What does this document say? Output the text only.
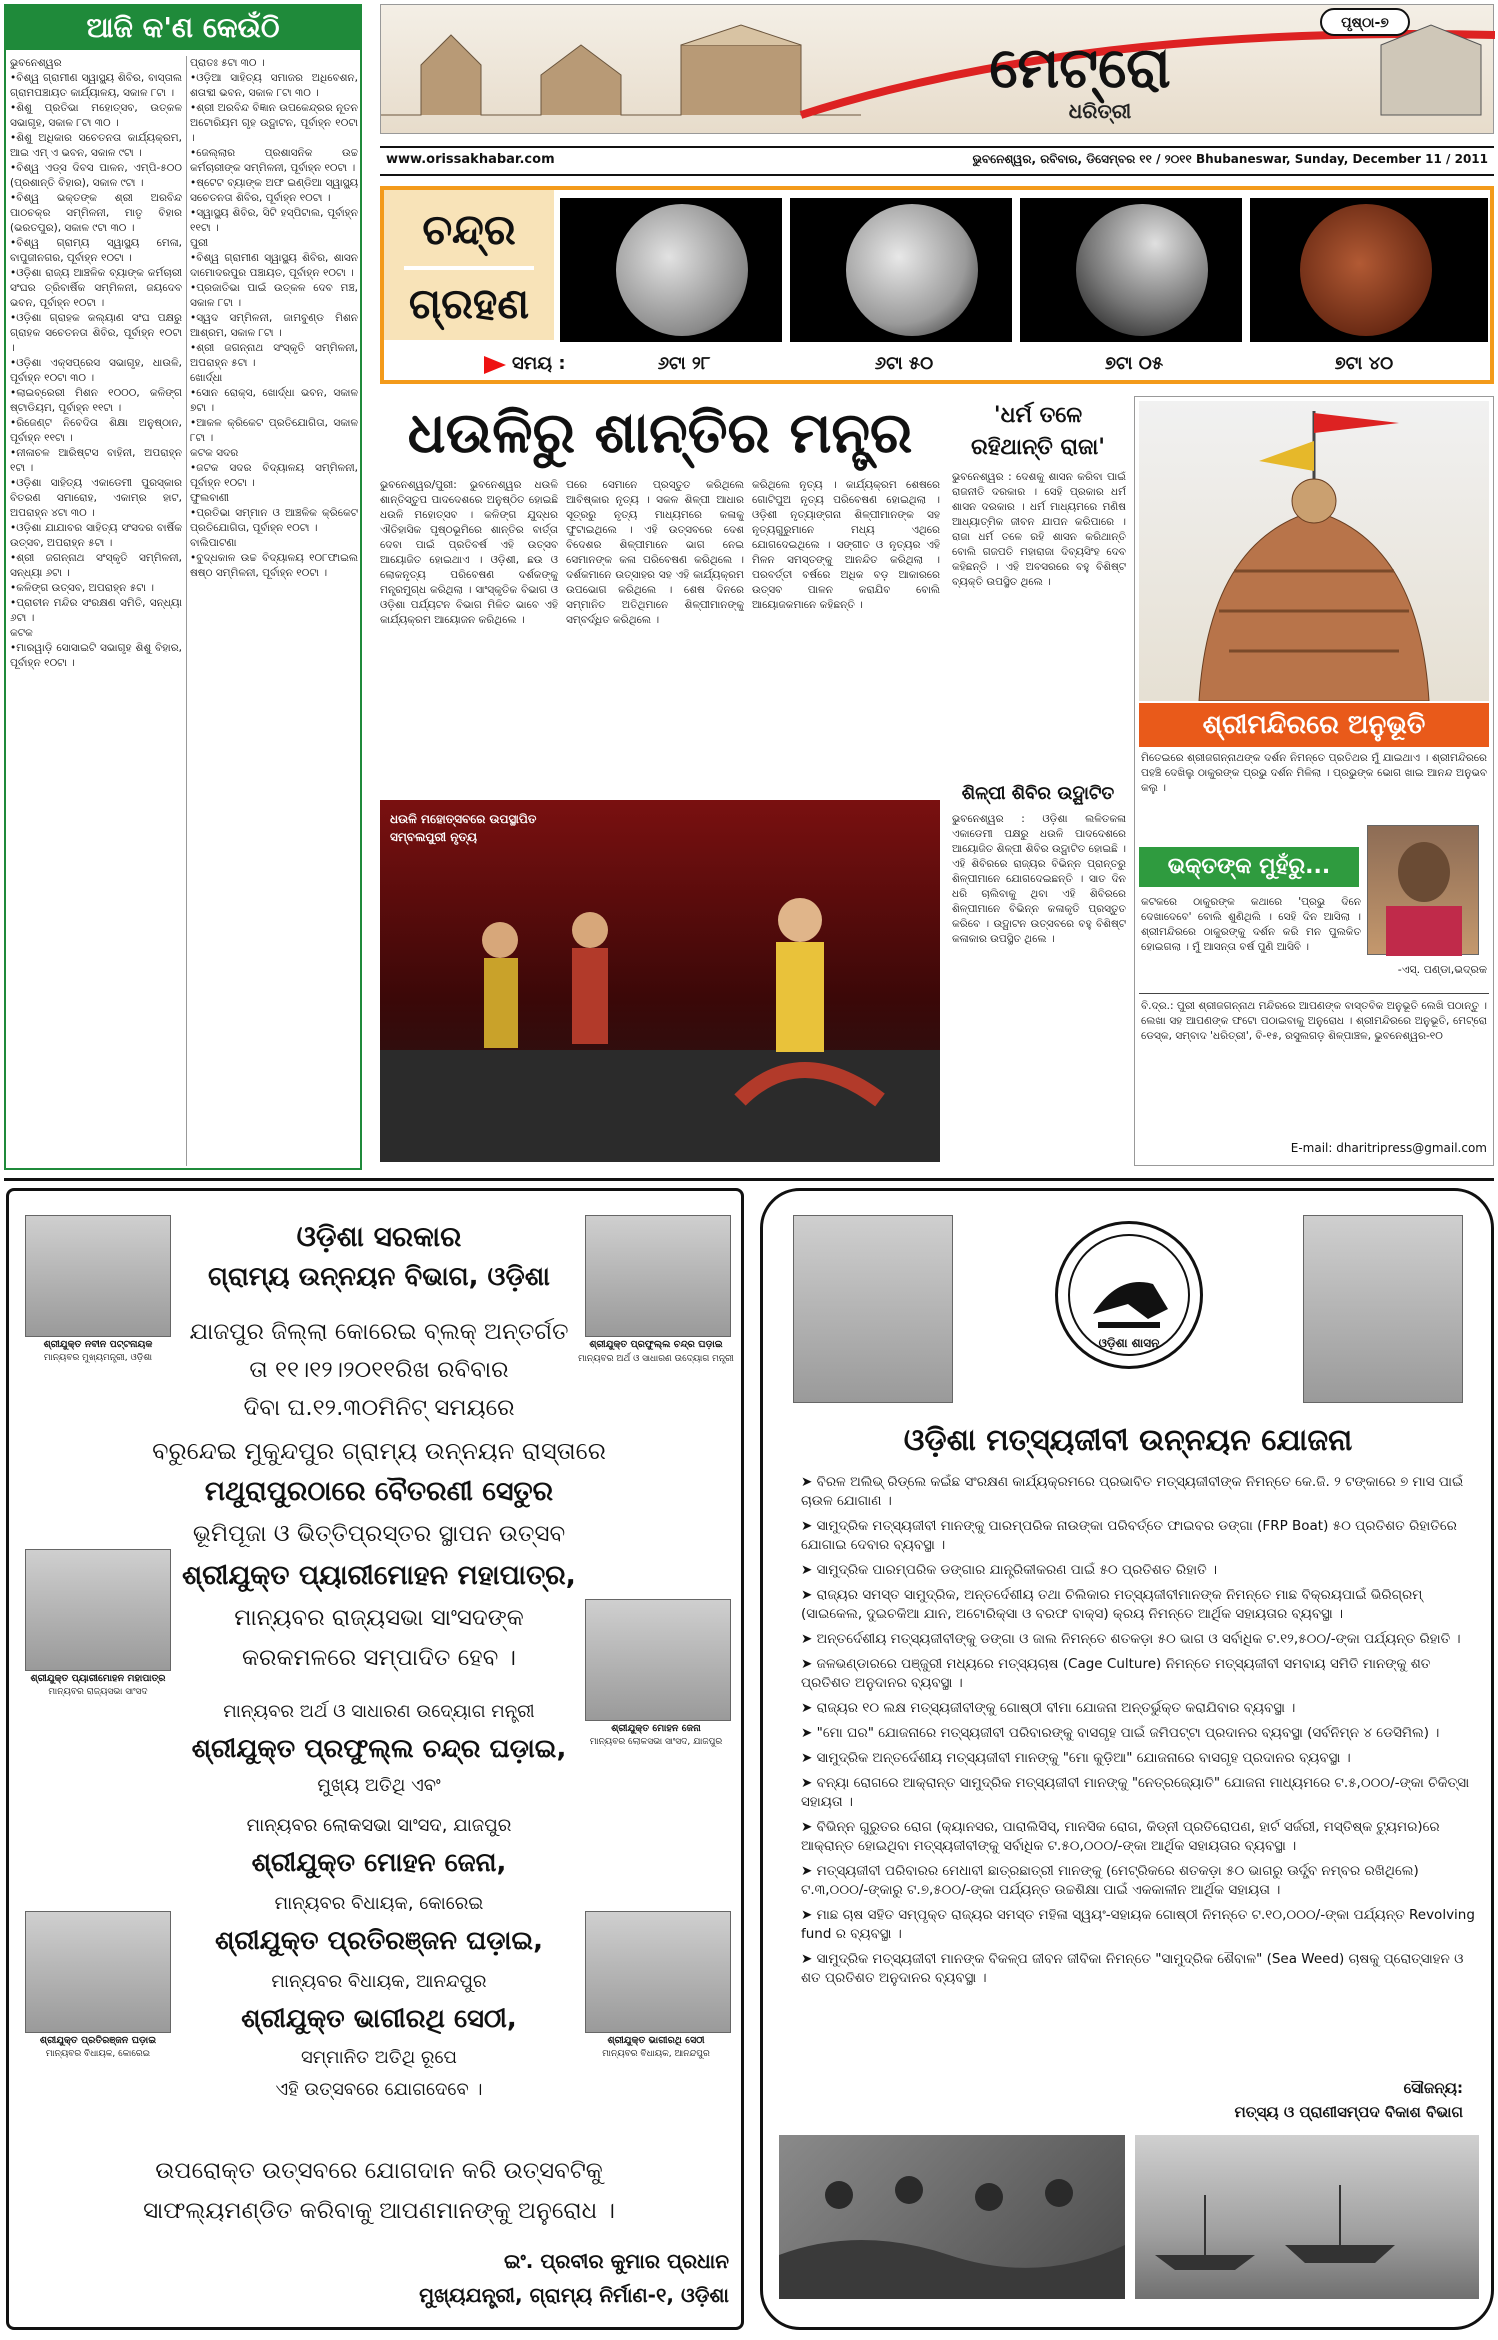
ଆଜି କ'ଣ କେଉଁଠି
ଭୁବନେଶ୍ୱର
•ବିଶ୍ୱ ଗ୍ରାମୀଣ ସ୍ୱାସ୍ଥ୍ୟ ଶିବିର, ବାସ୍ତାଲ ଗ୍ରାମପଞ୍ଚାୟତ କାର୍ଯ୍ୟାଳୟ, ସକାଳ ୮ଟା ।
•ଶିଶୁ ପ୍ରତିଭା ମହୋତ୍ସବ, ଉତ୍କଳ ସଭାଗୃହ, ସକାଳ ୮ଟା ୩୦ ।
•ଶିଶୁ ଅଧିକାର ସଚେତନତା କାର୍ଯ୍ୟକ୍ରମ, ଆଇ ଏମ୍ ଏ ଭବନ, ସକାଳ ୯ଟା ।
•ବିଶ୍ୱ ଏଡ୍ସ ଦିବସ ପାଳନ, ଏମ୍ପି-୫୦୦ (ପ୍ରଶାନ୍ତି ବିହାର), ସକାଳ ୯ଟା ।
•ବିଶ୍ୱ ଭକ୍ତଙ୍କ ଶ୍ରୀ ଅରବିନ୍ଦ ପାଠଚକ୍ର ସମ୍ମିଳନୀ, ମାତୃ ବିହାର (ଭରତପୁର), ସକାଳ ୯ଟା ୩୦ ।
•ବିଶ୍ୱ ଗ୍ରାମ୍ୟ ସ୍ୱାସ୍ଥ୍ୟ ମେଳା, ବାପୁଜୀନଗର, ପୂର୍ବାହ୍ନ ୧୦ଟା ।
•ଓଡ଼ିଶା ରାଜ୍ୟ ଆଞ୍ଚଳିକ ବ୍ୟାଙ୍କ କର୍ମଚାରୀ ସଂଘର ତ୍ରିବାର୍ଷିକ ସମ୍ମିଳନୀ, ଜୟଦେବ ଭବନ, ପୂର୍ବାହ୍ନ ୧୦ଟା ।
•ଓଡ଼ିଶା ଗ୍ରାହକ କଲ୍ୟାଣ ସଂଘ ପକ୍ଷରୁ ଗ୍ରାହକ ସଚେତନତା ଶିବିର, ପୂର୍ବାହ୍ନ ୧୦ଟା ।
•ଓଡ଼ିଶା ଏକ୍ସପ୍ରେସ ସଭାଗୃହ, ଧାଉଳି, ପୂର୍ବାହ୍ନ ୧୦ଟା ୩୦ ।
•ଲାଇବ୍ରେରୀ ମିଶନ ୧୦୦୦, କଳିଙ୍ଗ ଷ୍ଟାଡିୟମ, ପୂର୍ବାହ୍ନ ୧୧ଟା ।
•ରିଜେଣ୍ଟ ନିବେଦିତା ଶିକ୍ଷା ଅନୁଷ୍ଠାନ, ପୂର୍ବାହ୍ନ ୧୧ଟା ।
•ନୀଳାଚଳ ଆରିଷ୍ଟସ ବାହିନୀ, ଅପରାହ୍ନ ୧ଟା ।
•ଓଡ଼ିଶା ସାହିତ୍ୟ ଏକାଡେମୀ ପୁରସ୍କାର ବିତରଣ ସମାରୋହ, ଏକାମ୍ର ହାଟ, ଅପରାହ୍ନ ୪ଟା ୩୦ ।
•ଓଡ଼ିଶା ଯାଯାବର ସାହିତ୍ୟ ସଂସଦର ବାର୍ଷିକ ଉତ୍ସବ, ଅପରାହ୍ନ ୫ଟା ।
•ଶ୍ରୀ ଜଗନ୍ନାଥ ସଂସ୍କୃତି ସମ୍ମିଳନୀ, ସନ୍ଧ୍ୟା ୬ଟା ।
•କଳିଙ୍ଗ ଉତ୍ସବ, ଅପରାହ୍ନ ୫ଟା ।
•ପ୍ରାଚୀନ ମନ୍ଦିର ସଂରକ୍ଷଣ ସମିତି, ସନ୍ଧ୍ୟା ୬ଟା ।
କଟକ
•ମାରୱାଡ଼ି ସୋସାଇଟି ସଭାଗୃହ ଶିଶୁ ବିହାର, ପୂର୍ବାହ୍ନ ୧୦ଟା ।
ପ୍ରାତଃ ୫ଟା ୩୦ ।
•ଓଡ଼ିଆ ସାହିତ୍ୟ ସମାଜର ଅଧିବେଶନ, ଶତାବ୍ଦୀ ଭବନ, ସକାଳ ୮ଟା ୩୦ ।
•ଶ୍ରୀ ଅରବିନ୍ଦ ବିଜ୍ଞାନ ଉପକେନ୍ଦ୍ରର ନୂତନ ଅଟୋରିୟମ ଗୃହ ଉଦ୍ଘାଟନ, ପୂର୍ବାହ୍ନ ୧୦ଟା ।
•ଜେଲ୍ଲାର ପ୍ରଶାସନିକ ଉଚ୍ଚ କର୍ମଚାରୀଙ୍କ ସମ୍ମିଳନୀ, ପୂର୍ବାହ୍ନ ୧୦ଟା ।
•ଷ୍ଟେଟ ବ୍ୟାଙ୍କ ଅଫ ଇଣ୍ଡିଆ ସ୍ୱାସ୍ଥ୍ୟ ସଚେତନତା ଶିବିର, ପୂର୍ବାହ୍ନ ୧୦ଟା ।
•ସ୍ୱାସ୍ଥ୍ୟ ଶିବିର, ସିଟି ହସ୍ପିଟାଲ, ପୂର୍ବାହ୍ନ ୧୧ଟା ।
ପୁରୀ
•ବିଶ୍ୱ ଗ୍ରାମୀଣ ସ୍ୱାସ୍ଥ୍ୟ ଶିବିର, ଶାସନ ଦାମୋଦରପୁର ପଞ୍ଚାୟତ, ପୂର୍ବାହ୍ନ ୧୦ଟା ।
•ପ୍ରଜାତିଭା ପାଇଁ ଉତ୍କଳ ଦେବ ମଞ୍ଚ, ସକାଳ ୮ଟା ।
•ସ୍ୱଦ ସମ୍ମିଳନୀ, ଜାମବୁଣ୍ଡ ମିଶନ ଆଶ୍ରମ, ସକାଳ ୮ଟା ।
•ଶ୍ରୀ ଜଗନ୍ନାଥ ସଂସ୍କୃତି ସମ୍ମିଳନୀ, ଅପରାହ୍ନ ୫ଟା ।
ଖୋର୍ଦ୍ଧା
•ସୋନ ରୋକ୍ସ, ଖୋର୍ଦ୍ଧା ଭବନ, ସକାଳ ୭ଟା ।
•ଆକଳ କ୍ରିକେଟ ପ୍ରତିଯୋଗିତା, ସକାଳ ୮ଟା ।
କଟକ ସଦର
•ଜଟକ ସଦର ବିଦ୍ୟାଳୟ ସମ୍ମିଳନୀ, ପୂର୍ବାହ୍ନ ୧୦ଟା ।
ଫୁଲବାଣୀ
•ପ୍ରତିଭା ସମ୍ମାନ ଓ ଆଞ୍ଚଳିକ କ୍ରିକେଟ ପ୍ରତିଯୋଗିତା, ପୂର୍ବାହ୍ନ ୧୦ଟା ।
ବାଲିପାଟଣା
•ବୁଦ୍ଧକାଳ ଉଚ୍ଚ ବିଦ୍ୟାଳୟ ୧୦୮ଫାଇଲ ଷଷ୍ଠ ସମ୍ମିଳନୀ, ପୂର୍ବାହ୍ନ ୧୦ଟା ।
ପୃଷ୍ଠା-୭
ମେଟ୍ରୋ
ଧରିତ୍ରୀ
www.orissakhabar.com	ଭୁବନେଶ୍ୱର, ରବିବାର, ଡିସେମ୍ବର ୧୧ / ୨୦୧୧ Bhubaneswar, Sunday, December 11 / 2011
ଚନ୍ଦ୍ର
ଗ୍ରହଣ
ସମୟ :	୬ଟା ୨୮	୬ଟା ୫୦	୭ଟା ୦୫	୭ଟା ୪୦
ଧଉଳିରୁ ଶାନ୍ତିର ମନ୍ତ୍ର
ଭୁବନେଶ୍ୱର/ପୁରୀ: ଭୁବନେଶ୍ୱର ଧଉଳି ଶାନ୍ତିସ୍ତୁପ ପାଦଦେଶରେ ଅନୁଷ୍ଠିତ ହୋଇଛି ଧଉଳି ମହୋତ୍ସବ । କଳିଙ୍ଗ ଯୁଦ୍ଧର ଐତିହାସିକ ପୃଷ୍ଠଭୂମିରେ ଶାନ୍ତିର ବାର୍ତ୍ତା ଦେବା ପାଇଁ ପ୍ରତିବର୍ଷ ଏହି ଉତ୍ସବ ଆୟୋଜିତ ହୋଇଥାଏ । ଓଡ଼ିଶୀ, ଛଉ ଓ ଲୋକନୃତ୍ୟ ପରିବେଷଣ ଦର୍ଶକଙ୍କୁ ମନ୍ତ୍ରମୁଗ୍ଧ କରିଥିଲା । ସାଂସ୍କୃତିକ ବିଭାଗ ଓ ଓଡ଼ିଶା ପର୍ଯ୍ୟଟନ ବିଭାଗ ମିଳିତ ଭାବେ ଏହି କାର୍ଯ୍ୟକ୍ରମ ଆୟୋଜନ କରିଥିଲେ ।
ପରେ ସେମାନେ ପ୍ରସ୍ତୁତ କରିଥିଲେ ଆବିଷ୍କାର ନୃତ୍ୟ । ସକଳ ଶିଳ୍ପୀ ଆଧାର ସୂତ୍ରରୁ ନୃତ୍ୟ ମାଧ୍ୟମରେ କଳାକୁ ଫୁଟାଇଥିଲେ । ଏହି ଉତ୍ସବରେ ଦେଶ ବିଦେଶର ଶିଳ୍ପୀମାନେ ଭାଗ ନେଇ ସେମାନଙ୍କ କଳା ପରିବେଷଣ କରିଥିଲେ । ଦର୍ଶକମାନେ ଉତ୍ସାହର ସହ ଏହି କାର୍ଯ୍ୟକ୍ରମ ଉପଭୋଗ କରିଥିଲେ । ଶେଷ ଦିନରେ ସମ୍ମାନିତ ଅତିଥିମାନେ ଶିଳ୍ପୀମାନଙ୍କୁ ସମ୍ବର୍ଦ୍ଧିତ କରିଥିଲେ ।
କରିଥିଲେ ନୃତ୍ୟ । କାର୍ଯ୍ୟକ୍ରମ ଶେଷରେ ଗୋଟିପୁଅ ନୃତ୍ୟ ପରିବେଷଣ ହୋଇଥିଲା । ଓଡ଼ିଶୀ ନୃତ୍ୟାଙ୍ଗନା ଶିଳ୍ପୀମାନଙ୍କ ସହ ନୃତ୍ୟଗୁରୁମାନେ ମଧ୍ୟ ଏଥିରେ ଯୋଗଦେଇଥିଲେ । ସଙ୍ଗୀତ ଓ ନୃତ୍ୟର ଏହି ମିଳନ ସମସ୍ତଙ୍କୁ ଆନନ୍ଦିତ କରିଥିଲା । ପରବର୍ତ୍ତୀ ବର୍ଷରେ ଅଧିକ ବଡ଼ ଆକାରରେ ଉତ୍ସବ ପାଳନ କରାଯିବ ବୋଲି ଆୟୋଜକମାନେ କହିଛନ୍ତି ।
ଧଉଳି ମହୋତ୍ସବରେ ଉପସ୍ଥାପିତ ସମ୍ବଲପୁରୀ ନୃତ୍ୟ
'ଧର୍ମ ତଳେ
ରହିଥାନ୍ତି ରାଜା'
ଭୁବନେଶ୍ୱର : ଦେଶକୁ ଶାସନ କରିବା ପାଇଁ ରାଜନୀତି ଦରକାର । ସେହି ପ୍ରକାର ଧର୍ମ ଶାସନ ଦରକାର । ଧର୍ମ ମାଧ୍ୟମରେ ମଣିଷ ଆଧ୍ୟାତ୍ମିକ ଜୀବନ ଯାପନ କରିପାରେ । ରାଜା ଧର୍ମ ତଳେ ରହି ଶାସନ କରିଥାନ୍ତି ବୋଲି ଗଜପତି ମହାରାଜା ଦିବ୍ୟସିଂହ ଦେବ କହିଛନ୍ତି । ଏହି ଅବସରରେ ବହୁ ବିଶିଷ୍ଟ ବ୍ୟକ୍ତି ଉପସ୍ଥିତ ଥିଲେ ।
ଶିଳ୍ପୀ ଶିବିର ଉଦ୍ଘାଟିତ
ଭୁବନେଶ୍ୱର : ଓଡ଼ିଶା ଲଳିତକଳା ଏକାଡେମୀ ପକ୍ଷରୁ ଧଉଳି ପାଦଦେଶରେ ଆୟୋଜିତ ଶିଳ୍ପୀ ଶିବିର ଉଦ୍ଘାଟିତ ହୋଇଛି । ଏହି ଶିବିରରେ ରାଜ୍ୟର ବିଭିନ୍ନ ପ୍ରାନ୍ତରୁ ଶିଳ୍ପୀମାନେ ଯୋଗଦେଇଛନ୍ତି । ସାତ ଦିନ ଧରି ଚାଲିବାକୁ ଥିବା ଏହି ଶିବିରରେ ଶିଳ୍ପୀମାନେ ବିଭିନ୍ନ କଳାକୃତି ପ୍ରସ୍ତୁତ କରିବେ । ଉଦ୍ଘାଟନ ଉତ୍ସବରେ ବହୁ ବିଶିଷ୍ଟ କଳାକାର ଉପସ୍ଥିତ ଥିଲେ ।
ଶ୍ରୀମନ୍ଦିରରେ ଅନୁଭୂତି
ମିତେଇରେ ଶ୍ରୀଜଗନ୍ନାଥଙ୍କ ଦର୍ଶନ ନିମନ୍ତେ ପ୍ରତିଥର ମୁଁ ଯାଇଥାଏ । ଶ୍ରୀମନ୍ଦିରରେ ପହଞ୍ଚି ଦେଖିଲୁ ଠାକୁରଙ୍କ ପ୍ରଭୁ ଦର୍ଶନ ମିଳିଲା । ପ୍ରଭୁଙ୍କ ଭୋଗ ଖାଇ ଆନନ୍ଦ ଅନୁଭବ କଲୁ ।
ଭକ୍ତଙ୍କ ମୁହଁରୁ...
କଟକରେ ଠାକୁରଙ୍କ କଥାରେ 'ପ୍ରଭୁ ଦିନେ ଦେଖାଦେବେ' ବୋଲି ଶୁଣିଥିଲି । ସେହି ଦିନ ଆସିଲା । ଶ୍ରୀମନ୍ଦିରରେ ଠାକୁରଙ୍କୁ ଦର୍ଶନ କରି ମନ ପୁଲକିତ ହୋଇଗଲା । ମୁଁ ଆସନ୍ତା ବର୍ଷ ପୁଣି ଆସିବି ।
-ଏସ୍. ପଣ୍ଡା,ଭଦ୍ରକ
ବି.ଦ୍ର.: ପୁରୀ ଶ୍ରୀଜଗନ୍ନାଥ ମନ୍ଦିରରେ ଆପଣଙ୍କ ବାସ୍ତବିକ ଅନୁଭୂତି ଲେଖି ପଠାନ୍ତୁ । ଲେଖା ସହ ଆପଣଙ୍କ ଫଟୋ ପଠାଇବାକୁ ଅନୁରୋଧ । ଶ୍ରୀମନ୍ଦିରରେ ଅନୁଭୂତି, ମେଟ୍ରୋ ଡେସ୍କ, ସମ୍ବାଦ 'ଧରିତ୍ରୀ', ବି-୧୫, ରସୁଲଗଡ଼ ଶିଳ୍ପାଞ୍ଚଳ, ଭୁବନେଶ୍ୱର-୧୦
E-mail: dharitripress@gmail.com
ଶ୍ରୀଯୁକ୍ତ ନବୀନ ପଟ୍ଟନାୟକ
ମାନ୍ୟବର ମୁଖ୍ୟମନ୍ତ୍ରୀ, ଓଡ଼ିଶା
ଶ୍ରୀଯୁକ୍ତ ପ୍ରଫୁଲ୍ଲ ଚନ୍ଦ୍ର ଘଡ଼ାଇ
ମାନ୍ୟବର ଅର୍ଥ ଓ ସାଧାରଣ ଉଦ୍ୟୋଗ ମନ୍ତ୍ରୀ
ଶ୍ରୀଯୁକ୍ତ ପ୍ୟାରୀମୋହନ ମହାପାତ୍ର
ମାନ୍ୟବର ରାଜ୍ୟସଭା ସାଂସଦ
ଶ୍ରୀଯୁକ୍ତ ମୋହନ ଜେନା
ମାନ୍ୟବର ଲୋକସଭା ସାଂସଦ, ଯାଜପୁର
ଶ୍ରୀଯୁକ୍ତ ପ୍ରତିରଞ୍ଜନ ଘଡ଼ାଇ
ମାନ୍ୟବର ବିଧାୟକ, କୋରେଇ
ଶ୍ରୀଯୁକ୍ତ ଭାଗୀରଥି ସେଠୀ
ମାନ୍ୟବର ବିଧାୟକ, ଆନନ୍ଦପୁର
ଓଡ଼ିଶା ସରକାର
ଗ୍ରାମ୍ୟ ଉନ୍ନୟନ ବିଭାଗ, ଓଡ଼ିଶା
ଯାଜପୁର ଜିଲ୍ଲା କୋରେଇ ବ୍ଲକ୍ ଅନ୍ତର୍ଗତ
ତା ୧୧।୧୨।୨୦୧୧ରିଖ ରବିବାର
ଦିବା ଘ.୧୨.୩୦ମିନିଟ୍ ସମୟରେ
ବରୁନ୍ଦେଇ ମୁକୁନ୍ଦପୁର ଗ୍ରାମ୍ୟ ଉନ୍ନୟନ ରାସ୍ତାରେ
ମଥୁରାପୁରଠାରେ ବୈତରଣୀ ସେତୁର
ଭୂମିପୂଜା ଓ ଭିତ୍ତିପ୍ରସ୍ତର ସ୍ଥାପନ ଉତ୍ସବ
ଶ୍ରୀଯୁକ୍ତ ପ୍ୟାରୀମୋହନ ମହାପାତ୍ର,
ମାନ୍ୟବର ରାଜ୍ୟସଭା ସାଂସଦଙ୍କ
କରକମଳରେ ସମ୍ପାଦିତ ହେବ ।
ମାନ୍ୟବର ଅର୍ଥ ଓ ସାଧାରଣ ଉଦ୍ୟୋଗ ମନ୍ତ୍ରୀ
ଶ୍ରୀଯୁକ୍ତ ପ୍ରଫୁଲ୍ଲ ଚନ୍ଦ୍ର ଘଡ଼ାଇ,
ମୁଖ୍ୟ ଅତିଥି ଏବଂ
ମାନ୍ୟବର ଲୋକସଭା ସାଂସଦ, ଯାଜପୁର
ଶ୍ରୀଯୁକ୍ତ ମୋହନ ଜେନା,
ମାନ୍ୟବର ବିଧାୟକ, କୋରେଇ
ଶ୍ରୀଯୁକ୍ତ ପ୍ରତିରଞ୍ଜନ ଘଡ଼ାଇ,
ମାନ୍ୟବର ବିଧାୟକ, ଆନନ୍ଦପୁର
ଶ୍ରୀଯୁକ୍ତ ଭାଗୀରଥି ସେଠୀ,
ସମ୍ମାନିତ ଅତିଥି ରୂପେ
ଏହି ଉତ୍ସବରେ ଯୋଗଦେବେ ।
ଉପରୋକ୍ତ ଉତ୍ସବରେ ଯୋଗଦାନ କରି ଉତ୍ସବଟିକୁ
ସାଫଲ୍ୟମଣ୍ଡିତ କରିବାକୁ ଆପଣମାନଙ୍କୁ ଅନୁରୋଧ ।
ଇଂ. ପ୍ରବୀର କୁମାର ପ୍ରଧାନ
ମୁଖ୍ୟଯନ୍ତ୍ରୀ, ଗ୍ରାମ୍ୟ ନିର୍ମାଣ-୧, ଓଡ଼ିଶା
ଓଡ଼ିଶା ଶାସନ
ଓଡ଼ିଶା ମତ୍ସ୍ୟଜୀବୀ ଉନ୍ନୟନ ଯୋଜନା
➤ ବିରଳ ଅଲିଭ୍ ରିଡ୍ଲେ କଇଁଛ ସଂରକ୍ଷଣ କାର୍ଯ୍ୟକ୍ରମରେ ପ୍ରଭାବିତ ମତ୍ସ୍ୟଜୀବୀଙ୍କ ନିମନ୍ତେ କେ.ଜି. ୨ ଟଙ୍କାରେ ୭ ମାସ ପାଇଁ ଚାଉଳ ଯୋଗାଣ ।
➤ ସାମୁଦ୍ରିକ ମତ୍ସ୍ୟଜୀବୀ ମାନଙ୍କୁ ପାରମ୍ପରିକ ନାଉଙ୍କା ପରିବର୍ତ୍ତେ ଫାଇବର ଡଙ୍ଗା (FRP Boat) ୫୦ ପ୍ରତିଶତ ରିହାତିରେ ଯୋଗାଇ ଦେବାର ବ୍ୟବସ୍ଥା ।
➤ ସାମୁଦ୍ରିକ ପାରମ୍ପରିକ ଡଙ୍ଗାର ଯାନ୍ତ୍ରିକୀକରଣ ପାଇଁ ୫୦ ପ୍ରତିଶତ ରିହାତି ।
➤ ରାଜ୍ୟର ସମସ୍ତ ସାମୁଦ୍ରିକ, ଅନ୍ତର୍ଦେଶୀୟ ତଥା ଚିଲିକାର ମତ୍ସ୍ୟଜୀବୀମାନଙ୍କ ନିମନ୍ତେ ମାଛ ବିକ୍ରୟପାଇଁ ଭିରିଗ୍ରମ୍ (ସାଇକେଲ, ଦୁଇଚକିଆ ଯାନ, ଅଟୋରିକ୍ସା ଓ ବରଫ ବାକ୍ସ) କ୍ରୟ ନିମନ୍ତେ ଆର୍ଥିକ ସହାୟତାର ବ୍ୟବସ୍ଥା ।
➤ ଅନ୍ତର୍ଦେଶୀୟ ମତ୍ସ୍ୟଜୀବୀଙ୍କୁ ଡଙ୍ଗା ଓ ଜାଲ ନିମନ୍ତେ ଶତକଡ଼ା ୫୦ ଭାଗ ଓ ସର୍ବାଧିକ ଟ.୧୨,୫୦୦/-ଙ୍କା ପର୍ଯ୍ୟନ୍ତ ରିହାତି ।
➤ ଜଳଭଣ୍ଡାରରେ ପଞ୍ଜୁରୀ ମଧ୍ୟରେ ମତ୍ସ୍ୟଚାଷ (Cage Culture) ନିମନ୍ତେ ମତ୍ସ୍ୟଜୀବୀ ସମବାୟ ସମିତି ମାନଙ୍କୁ ଶତ ପ୍ରତିଶତ ଅନୁଦାନର ବ୍ୟବସ୍ଥା ।
➤ ରାଜ୍ୟର ୧୦ ଲକ୍ଷ ମତ୍ସ୍ୟଜୀବୀଙ୍କୁ ଗୋଷ୍ଠୀ ବୀମା ଯୋଜନା ଅନ୍ତର୍ଭୁକ୍ତ କରାଯିବାର ବ୍ୟବସ୍ଥା ।
➤ "ମୋ ଘର" ଯୋଜନାରେ ମତ୍ସ୍ୟଜୀବୀ ପରିବାରଙ୍କୁ ବାସଗୃହ ପାଇଁ ଜମିପଟ୍ଟା ପ୍ରଦାନର ବ୍ୟବସ୍ଥା (ସର୍ବନିମ୍ନ ୪ ଡେସିମିଲ) ।
➤ ସାମୁଦ୍ରିକ ଅନ୍ତର୍ଦେଶୀୟ ମତ୍ସ୍ୟଜୀବୀ ମାନଙ୍କୁ "ମୋ କୁଡ଼ିଆ" ଯୋଜନାରେ ବାସଗୃହ ପ୍ରଦାନର ବ୍ୟବସ୍ଥା ।
➤ ବନ୍ୟା ରୋଗରେ ଆକ୍ରାନ୍ତ ସାମୁଦ୍ରିକ ମତ୍ସ୍ୟଜୀବୀ ମାନଙ୍କୁ "ନେତ୍ରଜ୍ୟୋତି" ଯୋଜନା ମାଧ୍ୟମରେ ଟ.୫,୦୦୦/-ଙ୍କା ଚିକିତ୍ସା ସହାୟତା ।
➤ ବିଭିନ୍ନ ଗୁରୁତର ରୋଗ (କ୍ୟାନସର, ପାରାଲିସିସ୍, ମାନସିକ ରୋଗ, କିଡ୍ନୀ ପ୍ରତିରୋପଣ, ହାର୍ଟ ସର୍ଜରୀ, ମସ୍ତିଷ୍କ ଟ୍ୟୁମର)ରେ ଆକ୍ରାନ୍ତ ହୋଇଥିବା ମତ୍ସ୍ୟଜୀବୀଙ୍କୁ ସର୍ବାଧିକ ଟ.୫୦,୦୦୦/-ଙ୍କା ଆର୍ଥିକ ସହାୟତାର ବ୍ୟବସ୍ଥା ।
➤ ମତ୍ସ୍ୟଜୀବୀ ପରିବାରର ମେଧାବୀ ଛାତ୍ରଛାତ୍ରୀ ମାନଙ୍କୁ (ମେଟ୍ରିକରେ ଶତକଡ଼ା ୫୦ ଭାଗରୁ ଊର୍ଦ୍ଧ୍ବ ନମ୍ବର ରଖିଥିଲେ) ଟ.୩,୦୦୦/-ଙ୍କାରୁ ଟ.୭,୫୦୦/-ଙ୍କା ପର୍ଯ୍ୟନ୍ତ ଉଚ୍ଚଶିକ୍ଷା ପାଇଁ ଏକକାଳୀନ ଆର୍ଥିକ ସହାୟତା ।
➤ ମାଛ ଚାଷ ସହିତ ସମ୍ପୃକ୍ତ ରାଜ୍ୟର ସମସ୍ତ ମହିଳା ସ୍ୱୟଂ-ସହାୟକ ଗୋଷ୍ଠୀ ନିମନ୍ତେ ଟ.୧୦,୦୦୦/-ଙ୍କା ପର୍ଯ୍ୟନ୍ତ Revolving fund ର ବ୍ୟବସ୍ଥା ।
➤ ସାମୁଦ୍ରିକ ମତ୍ସ୍ୟଜୀବୀ ମାନଙ୍କ ବିକଳ୍ପ ଜୀବନ ଜୀବିକା ନିମନ୍ତେ "ସାମୁଦ୍ରିକ ଶୈବାଳ" (Sea Weed) ଚାଷକୁ ପ୍ରୋତ୍ସାହନ ଓ ଶତ ପ୍ରତିଶତ ଅନୁଦାନର ବ୍ୟବସ୍ଥା ।
ସୌଜନ୍ୟ:
ମତ୍ସ୍ୟ ଓ ପ୍ରାଣୀସମ୍ପଦ ବିକାଶ ବିଭାଗ
